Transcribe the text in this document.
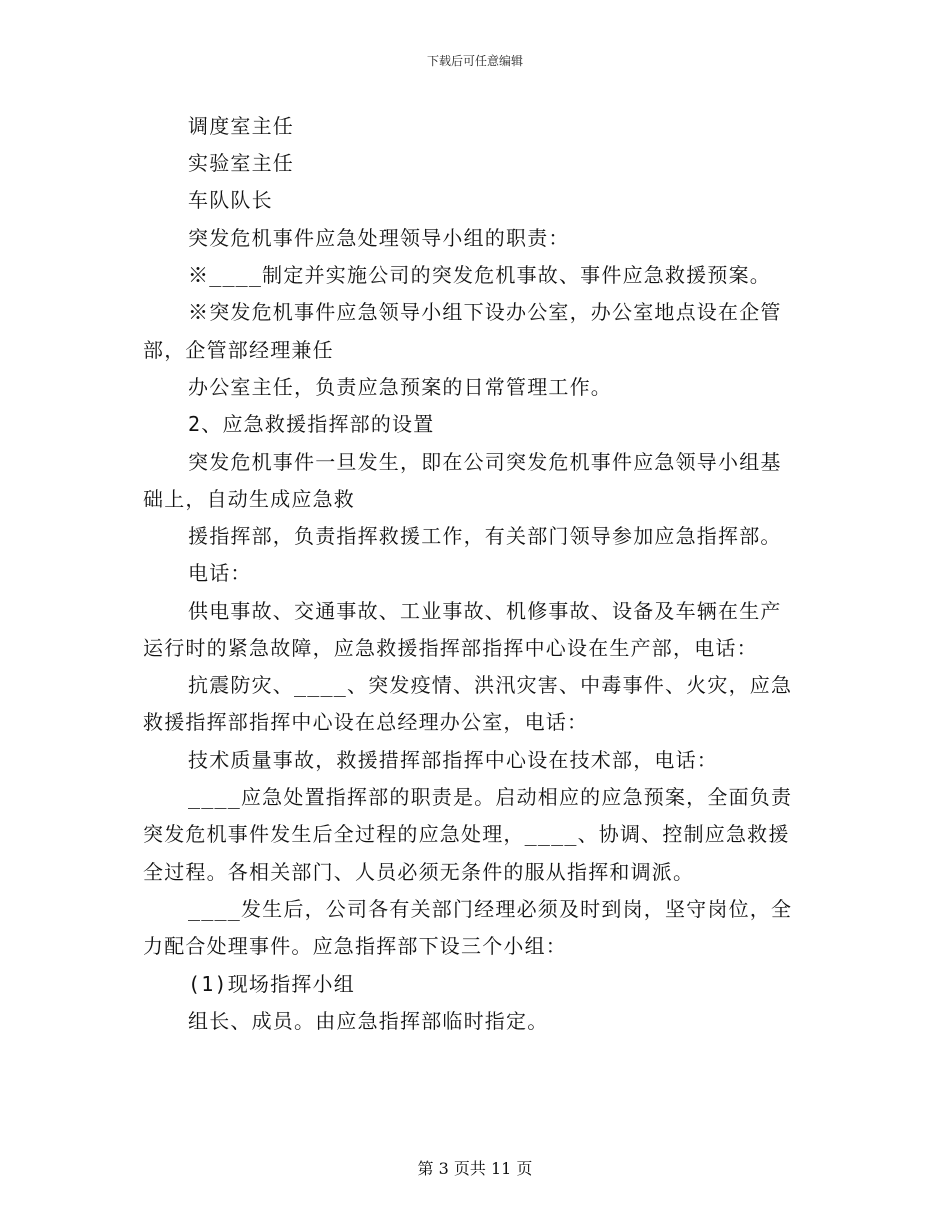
下载后可任意编辑
调度室主任
实验室主任
车队队长
突发危机事件应急处理领导小组的职责：
※____制定并实施公司的突发危机事故、事件应急救援预案。
※突发危机事件应急领导小组下设办公室，办公室地点设在企管
部，企管部经理兼任
办公室主任，负责应急预案的日常管理工作。
2、应急救援指挥部的设置
突发危机事件一旦发生，即在公司突发危机事件应急领导小组基
础上，自动生成应急救
援指挥部，负责指挥救援工作，有关部门领导参加应急指挥部。
电话：
供电事故、交通事故、工业事故、机修事故、设备及车辆在生产
运行时的紧急故障，应急救援指挥部指挥中心设在生产部，电话：
抗震防灾、____、突发疫情、洪汛灾害、中毒事件、火灾，应急
救援指挥部指挥中心设在总经理办公室，电话：
技术质量事故，救援措挥部指挥中心设在技术部，电话：
____应急处置指挥部的职责是。启动相应的应急预案，全面负责
突发危机事件发生后全过程的应急处理，____、协调、控制应急救援
全过程。各相关部门、人员必须无条件的服从指挥和调派。
____发生后，公司各有关部门经理必须及时到岗，坚守岗位，全
力配合处理事件。应急指挥部下设三个小组：
(1)现场指挥小组
组长、成员。由应急指挥部临时指定。
第 3 页共 11 页
